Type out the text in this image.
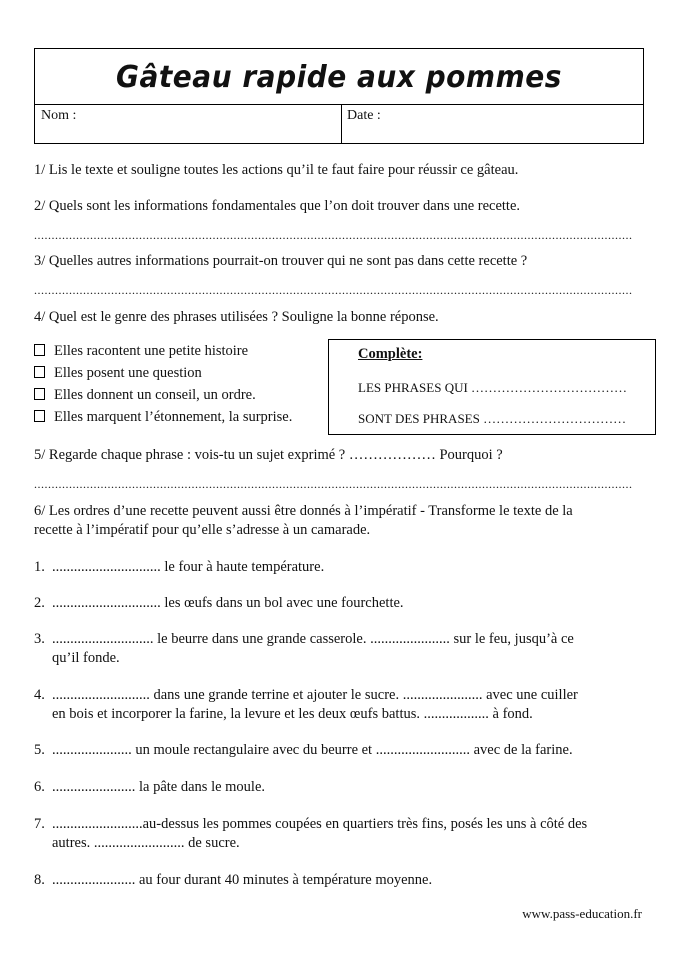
Gâteau rapide aux pommes
Nom :	Date :
1/ Lis le texte et souligne toutes les actions qu’il te faut faire pour réussir ce gâteau.
2/ Quels sont les informations fondamentales que l’on doit trouver dans une recette.
...........................................................................................................................................................................
3/ Quelles autres informations pourrait-on trouver qui ne sont pas dans cette recette ?
...........................................................................................................................................................................
4/ Quel est le genre des phrases utilisées ? Souligne la bonne réponse.
Elles racontent une petite histoire
Elles posent une question
Elles donnent un conseil, un ordre.
Elles marquent l’étonnement, la surprise.
Complète:
LES PHRASES QUI ………………………………
SONT DES PHRASES ……………………………
5/ Regarde chaque phrase : vois-tu un sujet exprimé ? ……………… Pourquoi ?
...........................................................................................................................................................................
6/ Les ordres d’une recette peuvent aussi être donnés à l’impératif - Transforme le texte de la
recette à l’impératif pour qu’elle s’adresse à un camarade.
1. .............................. le four à haute température.
2. .............................. les œufs dans un bol avec une fourchette.
3. ............................ le beurre dans une grande casserole. ...................... sur le feu, jusqu’à ce
qu’il fonde.
4. ........................... dans une grande terrine et ajouter le sucre. ...................... avec une cuiller
en bois et incorporer la farine, la levure et les deux œufs battus. .................. à fond.
5. ...................... un moule rectangulaire avec du beurre et .......................... avec de la farine.
6. ....................... la pâte dans le moule.
7. .........................au-dessus les pommes coupées en quartiers très fins, posés les uns à côté des
autres. ......................... de sucre.
8. ....................... au four durant 40 minutes à température moyenne.
www.pass-education.fr
